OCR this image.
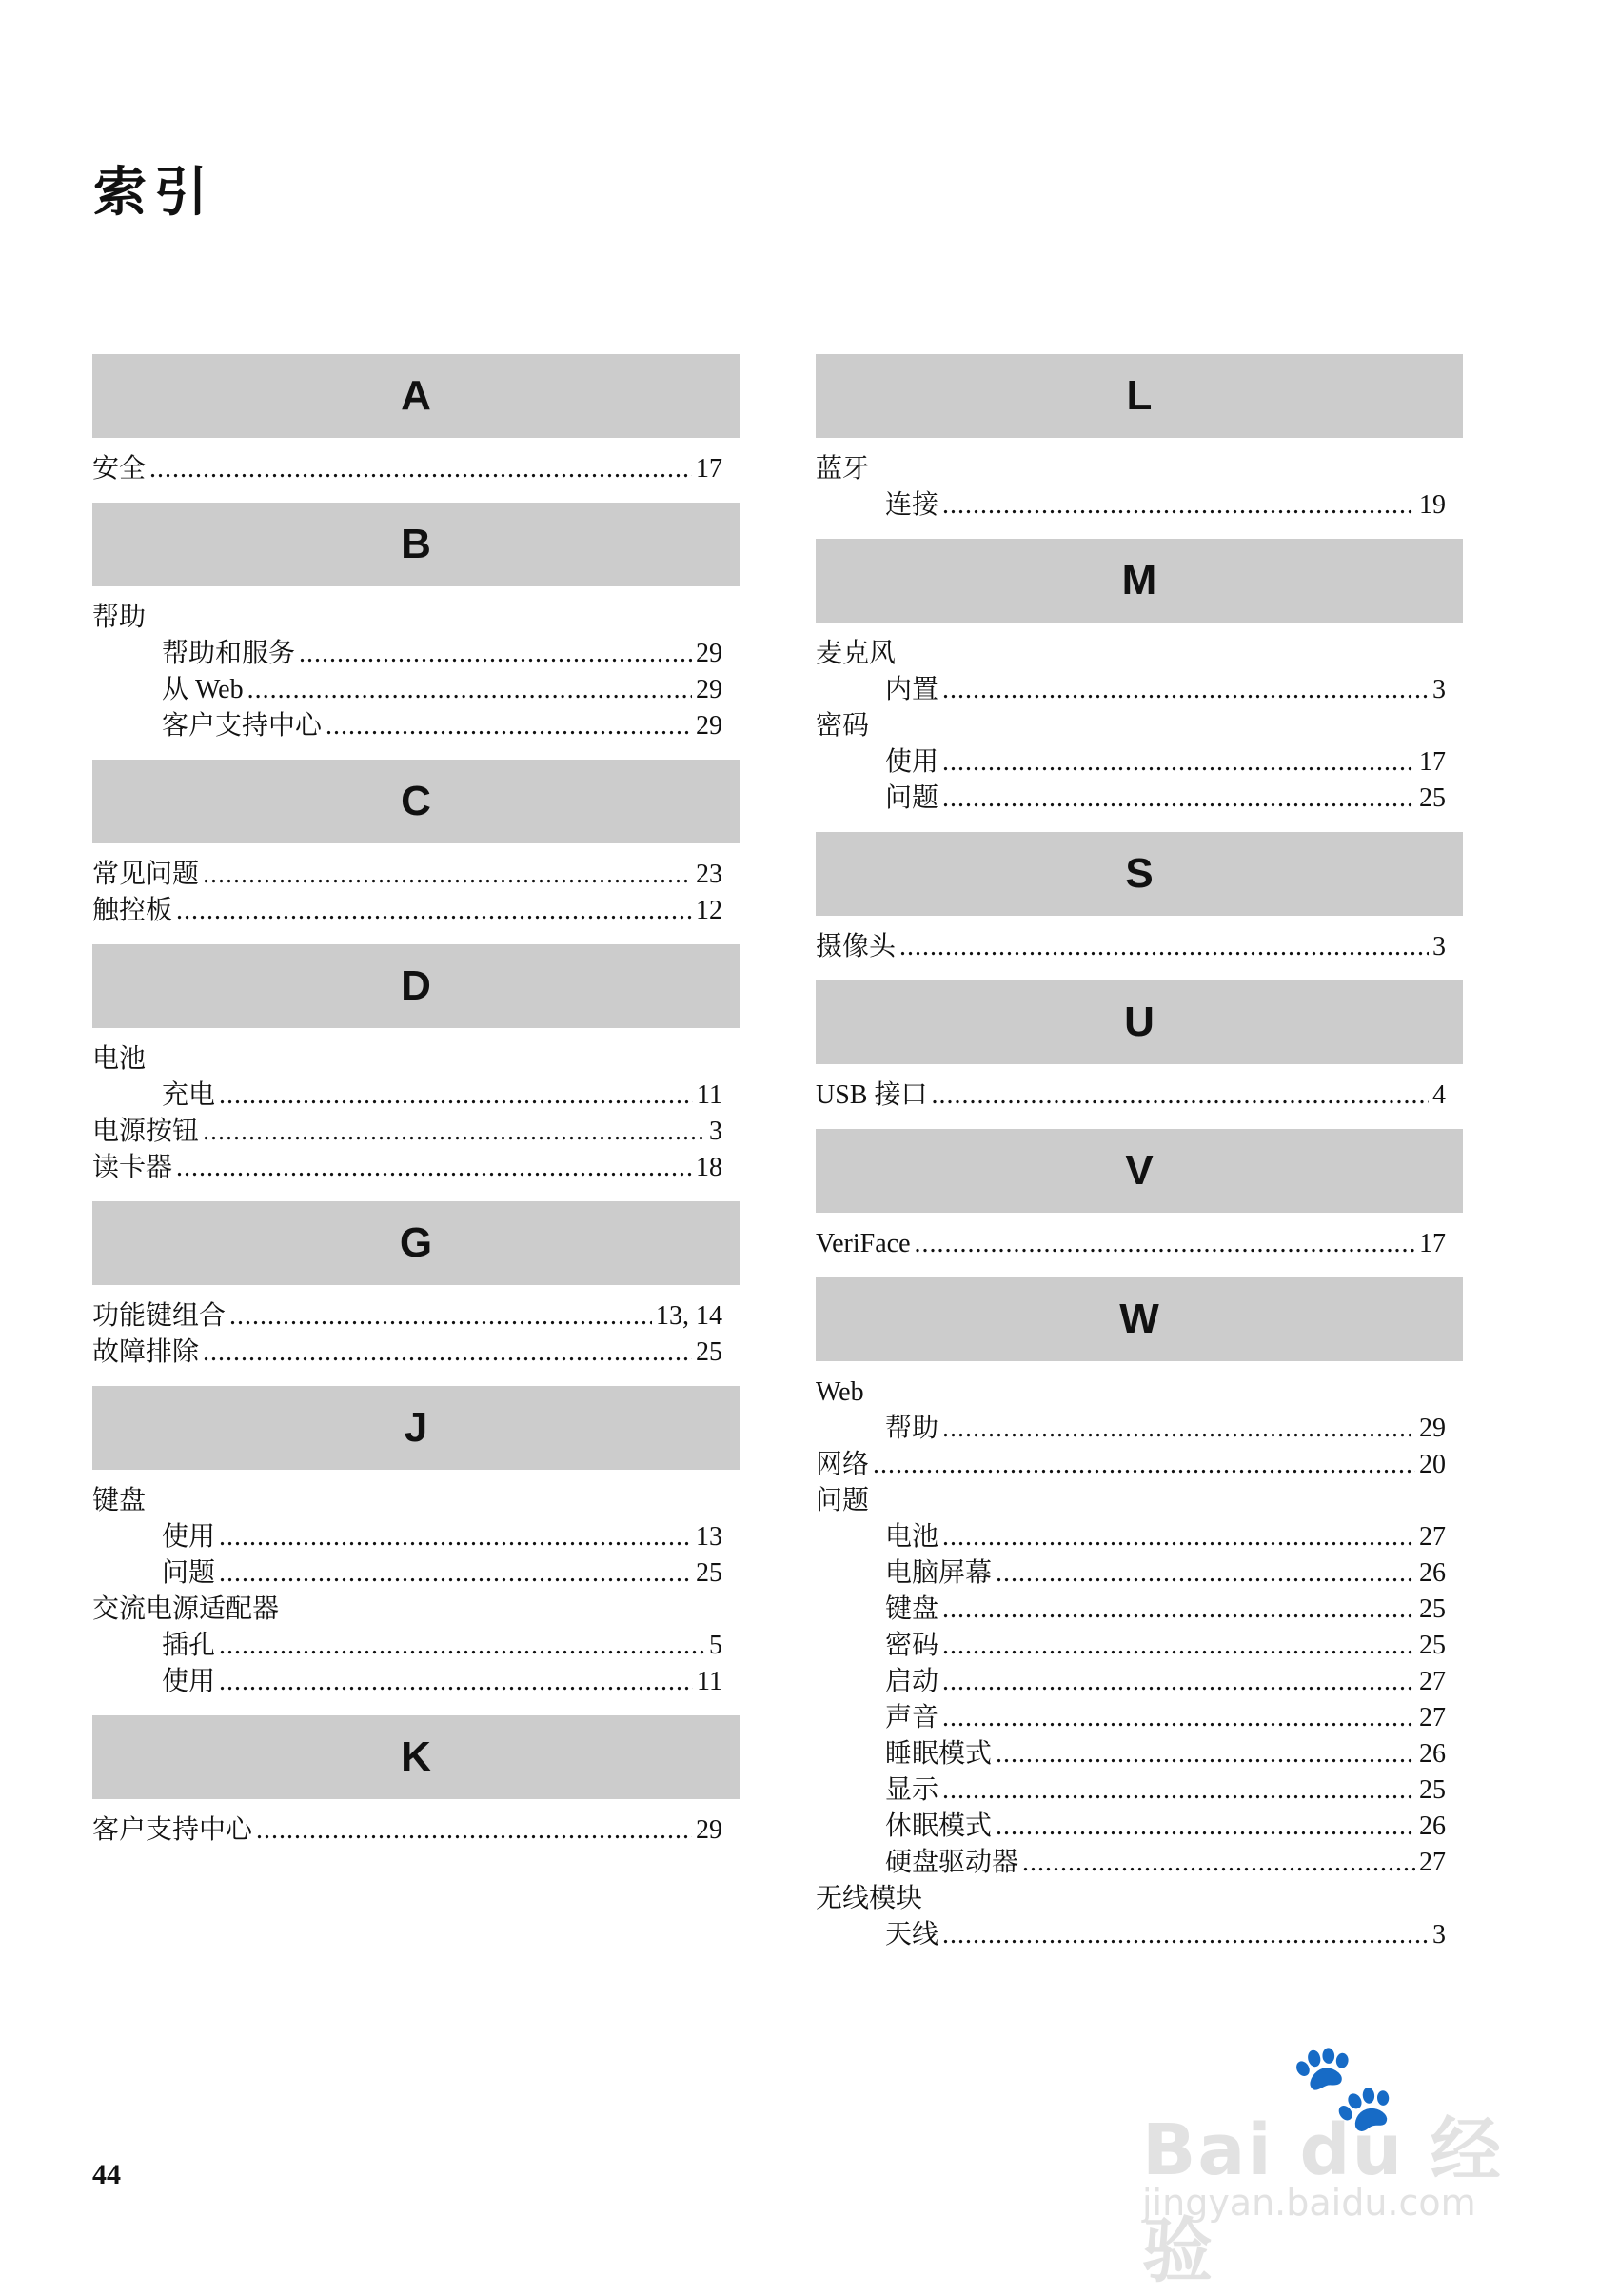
索引
A
安全 .....	17
B
帮助
帮助和服务 .....	29
从 Web .....	29
客户支持中心 .....	29
C
常见问题 .....	23
触控板 .....	12
D
电池
充电 .....	11
电源按钮 .....	3
读卡器 .....	18
G
功能键组合 .....	13, 14
故障排除 .....	25
J
键盘
使用 .....	13
问题 .....	25
交流电源适配器
插孔 .....	5
使用 .....	11
K
客户支持中心 .....	29
L
蓝牙
连接 .....	19
M
麦克风
内置 .....	3
密码
使用 .....	17
问题 .....	25
S
摄像头 .....	3
U
USB 接口 .....	4
V
VeriFace .....	17
W
Web
帮助 .....	29
网络 .....	20
问题
电池 .....	27
电脑屏幕 .....	26
键盘 .....	25
密码 .....	25
启动 .....	27
声音 .....	27
睡眠模式 .....	26
显示 .....	25
休眠模式 .....	26
硬盘驱动器 .....	27
无线模块
天线 .....	3
44
🐾
Bai du 经验
jingyan.baidu.com
